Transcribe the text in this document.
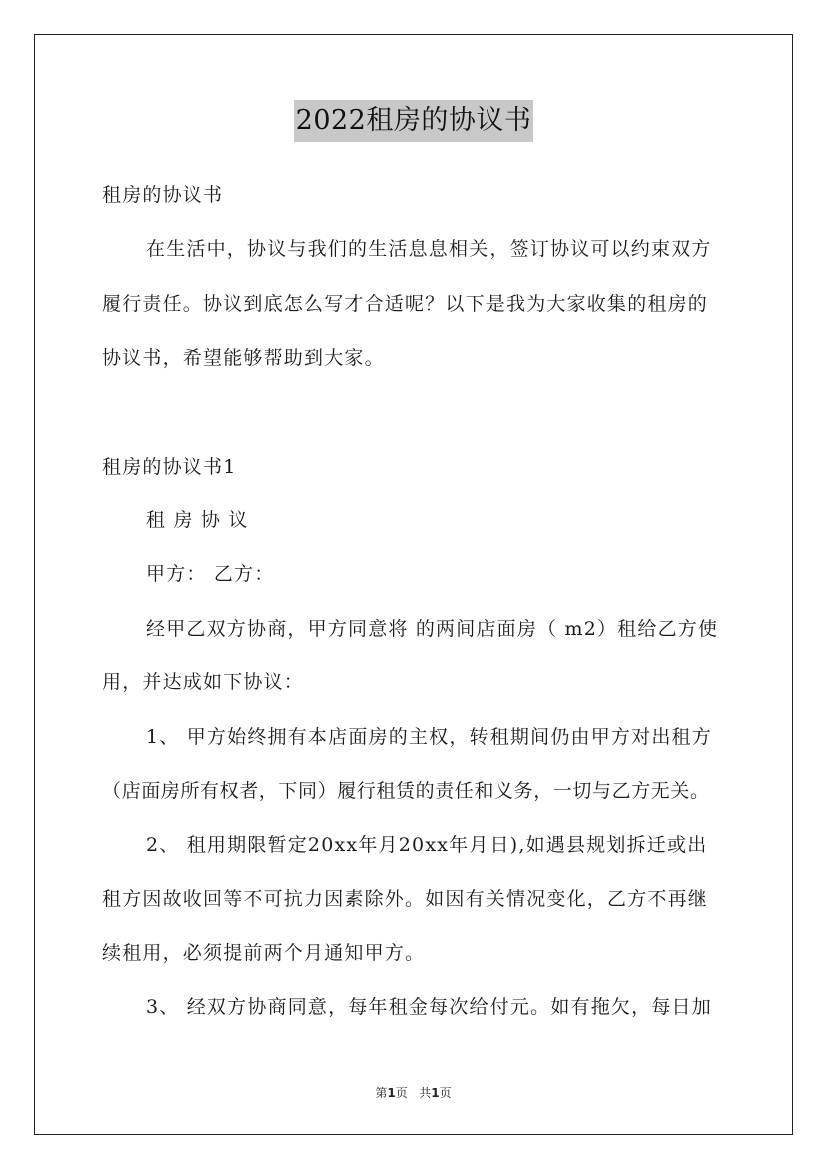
2022租房的协议书
租房的协议书
在生活中，协议与我们的生活息息相关，签订协议可以约束双方
履行责任。协议到底怎么写才合适呢？以下是我为大家收集的租房的
协议书，希望能够帮助到大家。
租房的协议书1
租 房 协 议
甲方： 乙方：
经甲乙双方协商，甲方同意将 的两间店面房（ m2）租给乙方使
用，并达成如下协议：
1、 甲方始终拥有本店面房的主权，转租期间仍由甲方对出租方
（店面房所有权者，下同）履行租赁的责任和义务，一切与乙方无关。
2、 租用期限暂定20xx年月20xx年月日),如遇县规划拆迁或出
租方因故收回等不可抗力因素除外。如因有关情况变化，乙方不再继
续租用，必须提前两个月通知甲方。
3、 经双方协商同意，每年租金每次给付元。如有拖欠，每日加
第1页 共1页
